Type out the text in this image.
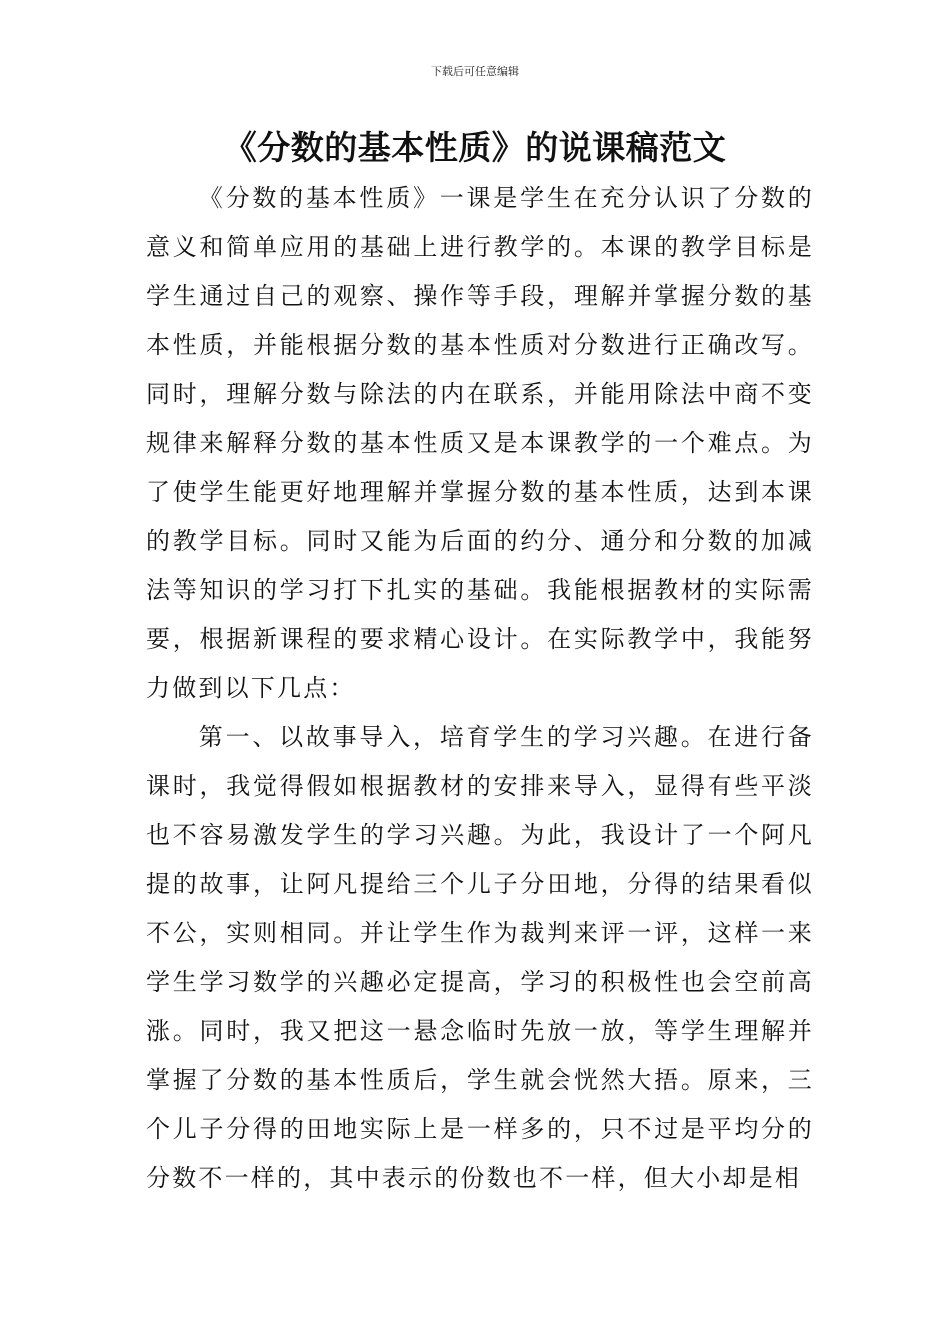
下载后可任意编辑
《分数的基本性质》的说课稿范文

《分数的基本性质》一课是学生在充分认识了分数的意义和简单应用的基础上进行教学的。本课的教学目标是学生通过自己的观察、操作等手段，理解并掌握分数的基本性质，并能根据分数的基本性质对分数进行正确改写。同时，理解分数与除法的内在联系，并能用除法中商不变规律来解释分数的基本性质又是本课教学的一个难点。为了使学生能更好地理解并掌握分数的基本性质，达到本课的教学目标。同时又能为后面的约分、通分和分数的加减法等知识的学习打下扎实的基础。我能根据教材的实际需要，根据新课程的要求精心设计。在实际教学中，我能努力做到以下几点：

第一、以故事导入，培育学生的学习兴趣。在进行备课时，我觉得假如根据教材的安排来导入，显得有些平淡也不容易激发学生的学习兴趣。为此，我设计了一个阿凡提的故事，让阿凡提给三个儿子分田地，分得的结果看似不公，实则相同。并让学生作为裁判来评一评，这样一来学生学习数学的兴趣必定提高，学习的积极性也会空前高涨。同时，我又把这一悬念临时先放一放，等学生理解并掌握了分数的基本性质后，学生就会恍然大捂。原来，三个儿子分得的田地实际上是一样多的，只不过是平均分的分数不一样的，其中表示的份数也不一样，但大小却是相
